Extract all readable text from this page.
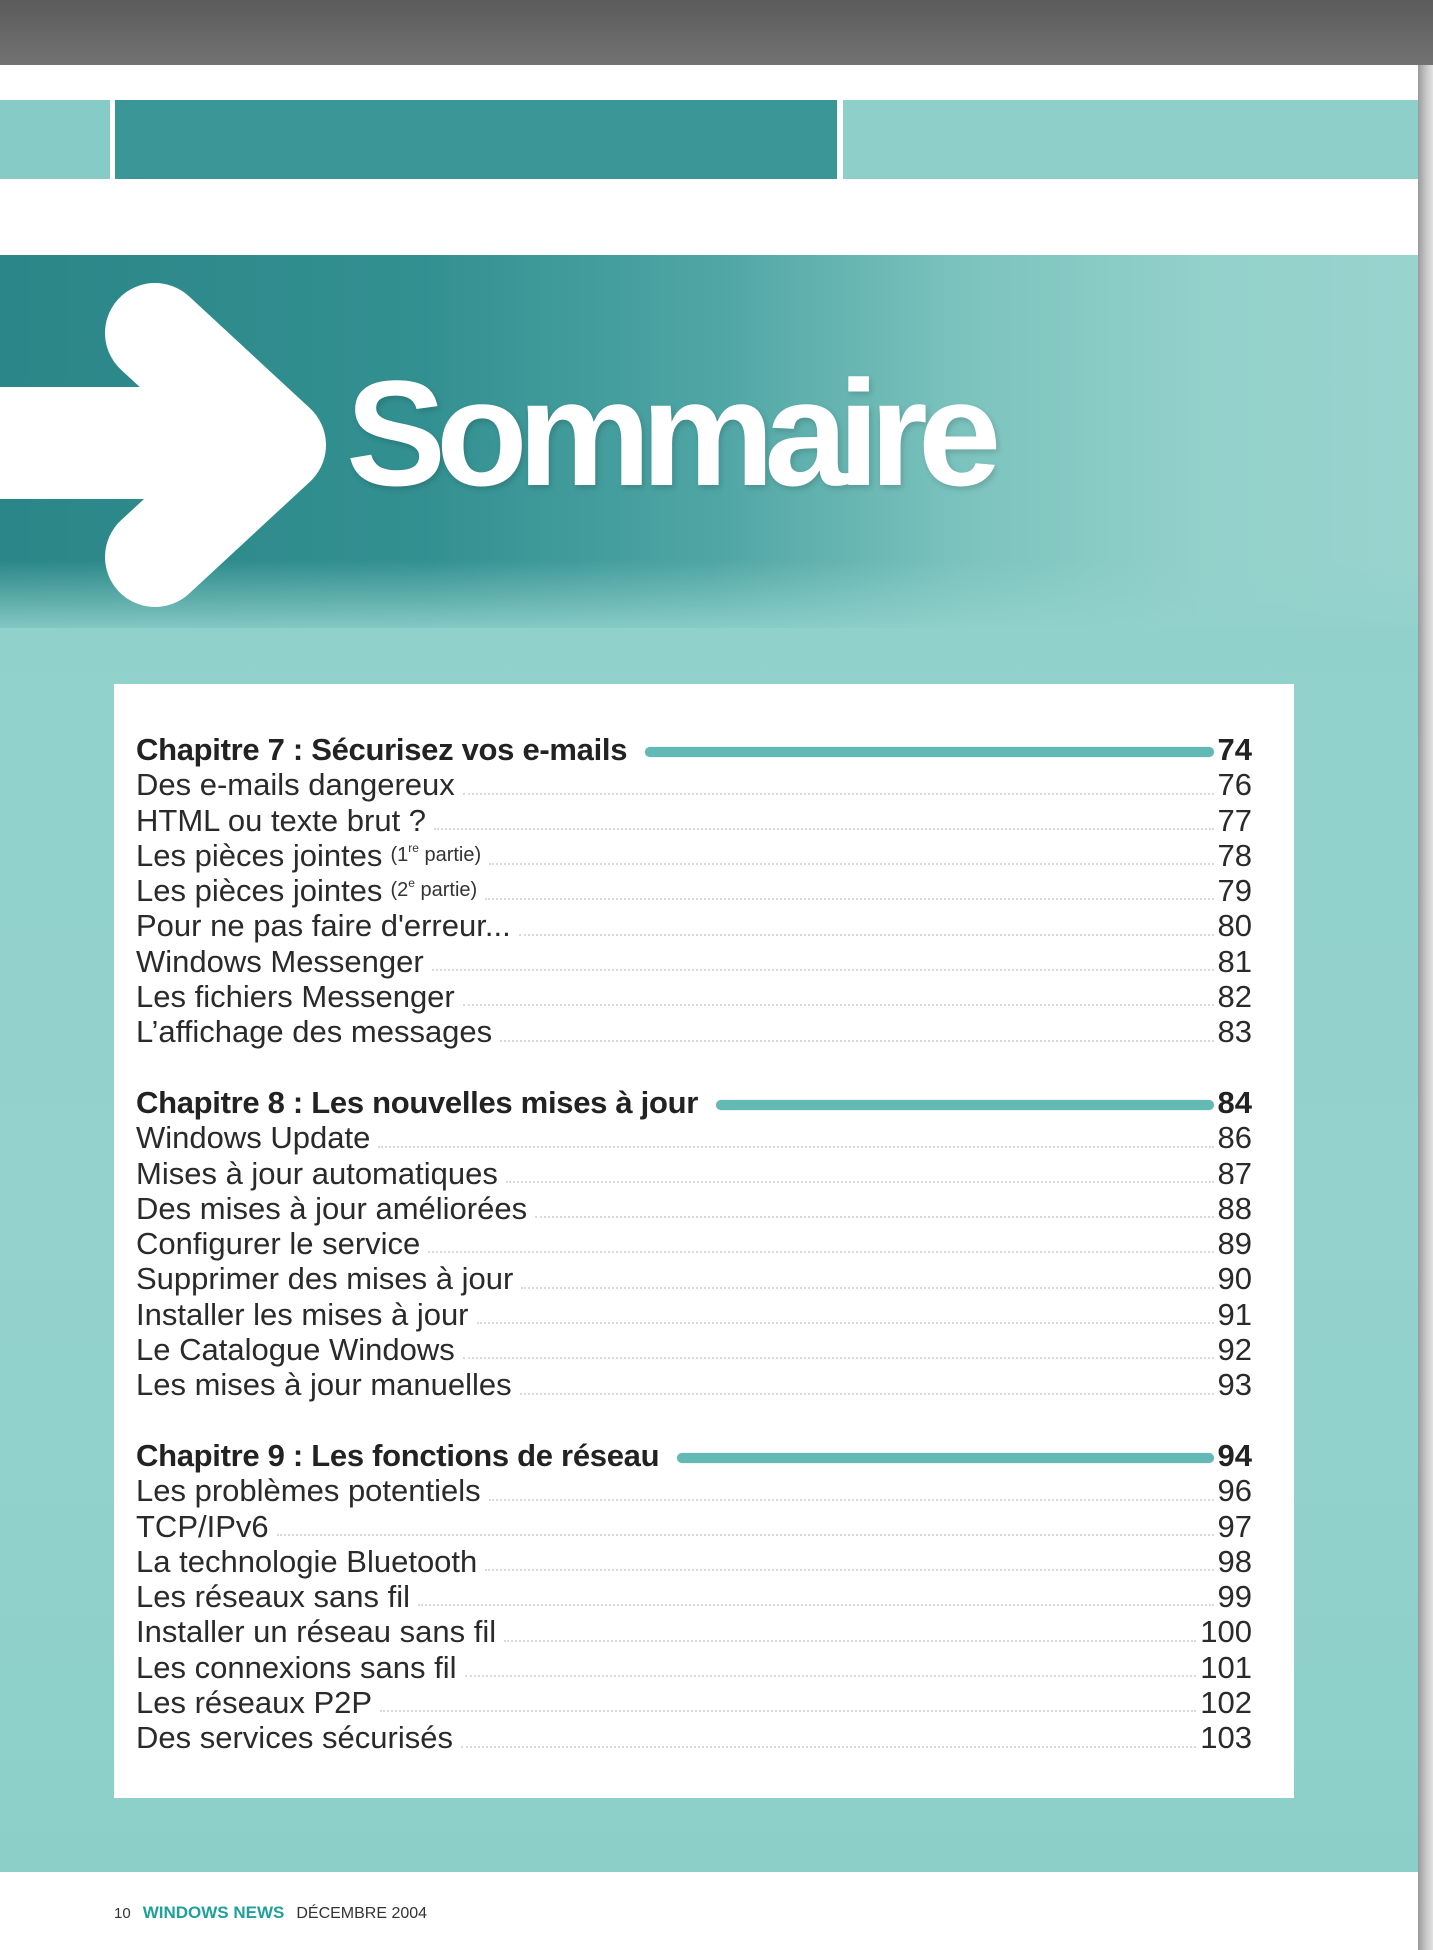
Sommaire
Chapitre 7 : Sécurisez vos e-mails	74
Des e-mails dangereux	76
HTML ou texte brut ?	77
Les pièces jointes (1re partie)	78
Les pièces jointes (2e partie)	79
Pour ne pas faire d'erreur...	80
Windows Messenger	81
Les fichiers Messenger	82
L’affichage des messages	83
Chapitre 8 : Les nouvelles mises à jour	84
Windows Update	86
Mises à jour automatiques	87
Des mises à jour améliorées	88
Configurer le service	89
Supprimer des mises à jour	90
Installer les mises à jour	91
Le Catalogue Windows	92
Les mises à jour manuelles	93
Chapitre 9 : Les fonctions de réseau	94
Les problèmes potentiels	96
TCP/IPv6	97
La technologie Bluetooth	98
Les réseaux sans fil	99
Installer un réseau sans fil	100
Les connexions sans fil	101
Les réseaux P2P	102
Des services sécurisés	103
10 WINDOWS NEWS DÉCEMBRE 2004
